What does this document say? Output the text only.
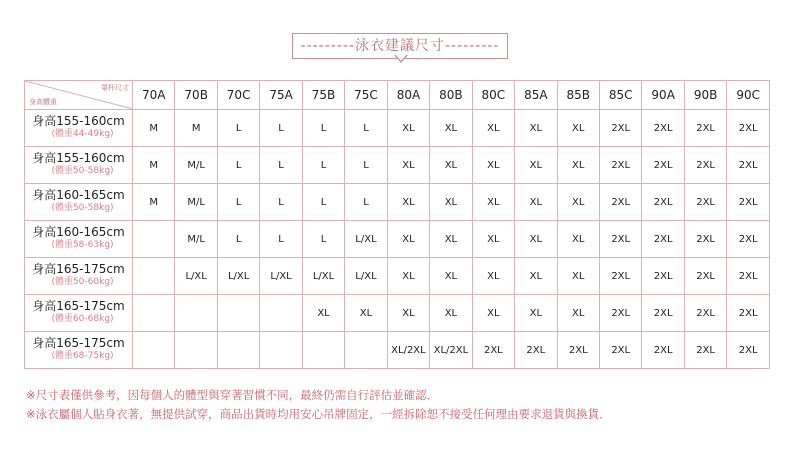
---------泳衣建議尺寸---------
罩杯尺寸
身高體重	70A	70B	70C	75A	75B	75C	80A	80B	80C	85A	85B	85C	90A	90B	90C

身高155-160cm
(體重44-49kg)	M	M	L	L	L	L	XL	XL	XL	XL	XL	2XL	2XL	2XL	2XL

身高155-160cm
(體重50-58kg)	M	M/L	L	L	L	L	XL	XL	XL	XL	XL	2XL	2XL	2XL	2XL

身高160-165cm
(體重50-58kg)	M	M/L	L	L	L	L	XL	XL	XL	XL	XL	2XL	2XL	2XL	2XL

身高160-165cm
(體重58-63kg)		M/L	L	L	L	L/XL	XL	XL	XL	XL	XL	2XL	2XL	2XL	2XL

身高165-175cm
(體重50-60kg)		L/XL	L/XL	L/XL	L/XL	L/XL	XL	XL	XL	XL	XL	2XL	2XL	2XL	2XL

身高165-175cm
(體重60-68kg)					XL	XL	XL	XL	XL	XL	XL	2XL	2XL	2XL	2XL

身高165-175cm
(體重68-75kg)							XL/2XL	XL/2XL	2XL	2XL	2XL	2XL	2XL	2XL	2XL
※尺寸表僅供參考，因每個人的體型與穿著習慣不同，最終仍需自行評估並確認．
※泳衣屬個人貼身衣著，無提供試穿，商品出貨時均用安心吊牌固定，一經拆除恕不接受任何理由要求退貨與換貨．
